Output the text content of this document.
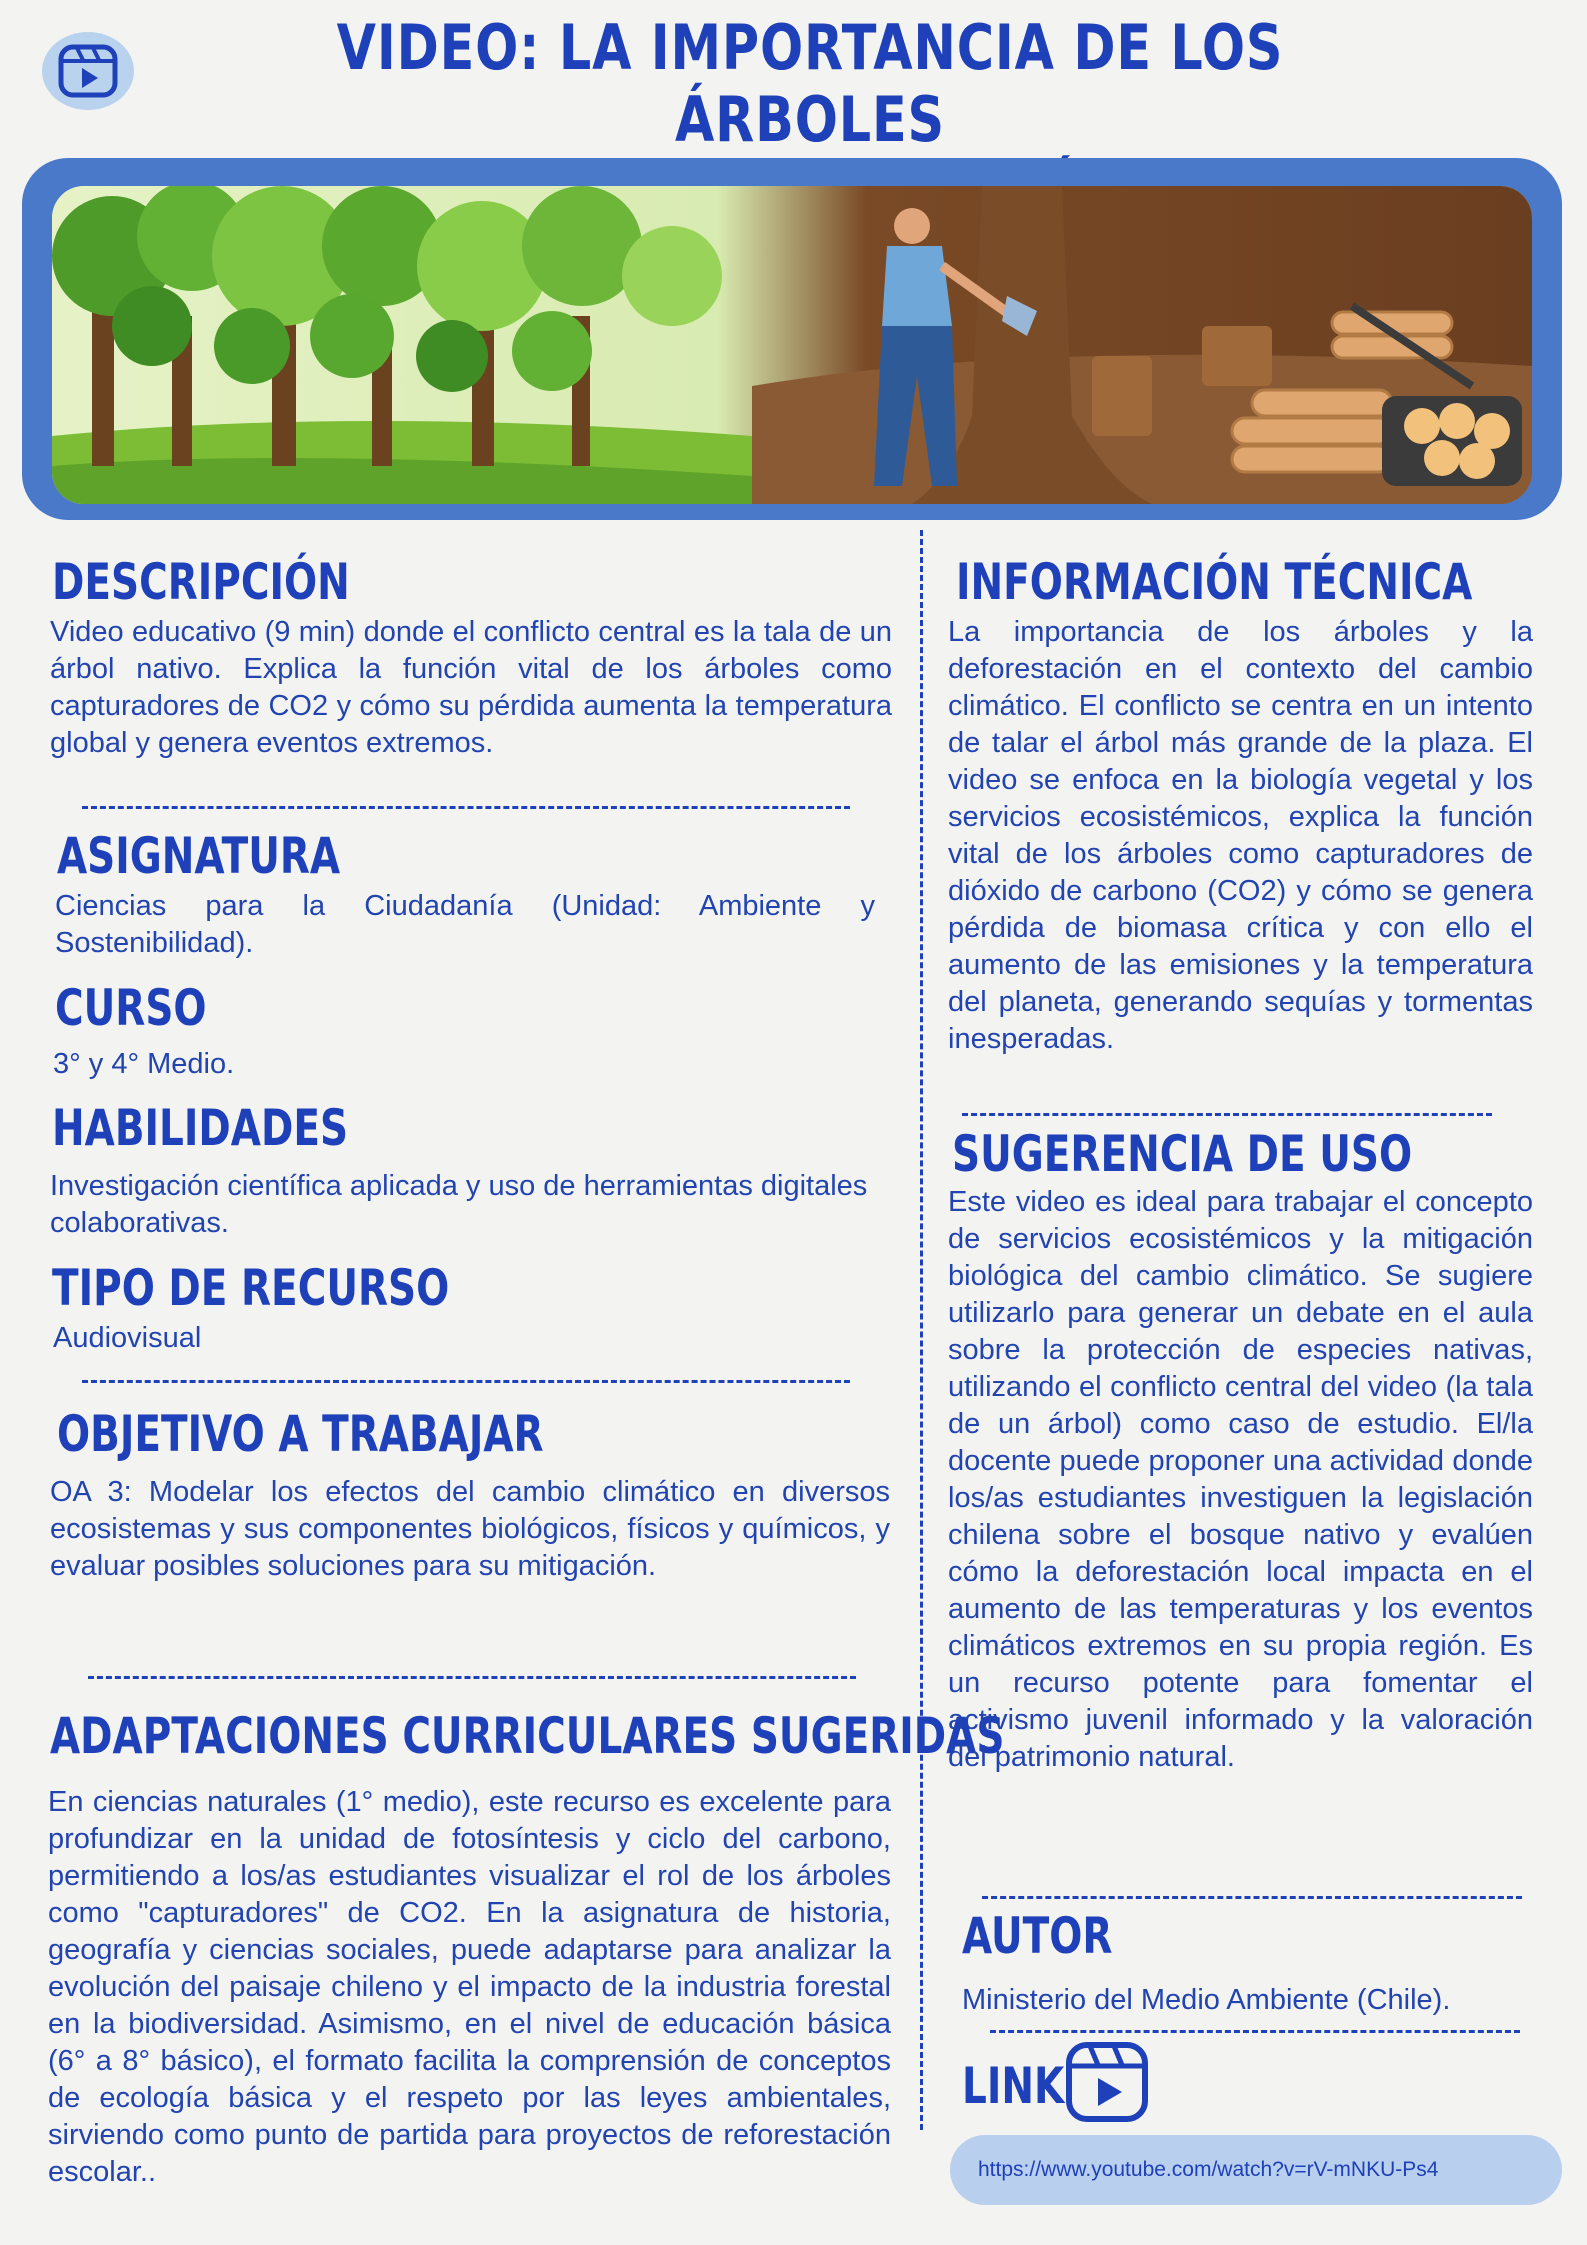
VIDEO: LA IMPORTANCIA DE LOS ÁRBOLES
DESCRIPCIÓN
Video educativo (9 min) donde el conflicto central es la tala de un árbol nativo. Explica la función vital de los árboles como capturadores de CO2 y cómo su pérdida aumenta la temperatura global y genera eventos extremos.
ASIGNATURA
Ciencias para la Ciudadanía (Unidad: Ambiente y Sostenibilidad).
CURSO
3° y 4° Medio.
HABILIDADES
Investigación científica aplicada y uso de herramientas digitales colaborativas.
TIPO DE RECURSO
Audiovisual
OBJETIVO A TRABAJAR
OA 3: Modelar los efectos del cambio climático en diversos ecosistemas y sus componentes biológicos, físicos y químicos, y evaluar posibles soluciones para su mitigación.
ADAPTACIONES CURRICULARES SUGERIDAS
En ciencias naturales (1° medio), este recurso es excelente para profundizar en la unidad de fotosíntesis y ciclo del carbono, permitiendo a los/as estudiantes visualizar el rol de los árboles como "capturadores" de CO2. En la asignatura de historia, geografía y ciencias sociales, puede adaptarse para analizar la evolución del paisaje chileno y el impacto de la industria forestal en la biodiversidad. Asimismo, en el nivel de educación básica (6° a 8° básico), el formato facilita la comprensión de conceptos de ecología básica y el respeto por las leyes ambientales, sirviendo como punto de partida para proyectos de reforestación escolar..
INFORMACIÓN TÉCNICA
La importancia de los árboles y la deforestación en el contexto del cambio climático. El conflicto se centra en un intento de talar el árbol más grande de la plaza. El video se enfoca en la biología vegetal y los servicios ecosistémicos, explica la función vital de los árboles como capturadores de dióxido de carbono (CO2) y cómo se genera pérdida de biomasa crítica y con ello el aumento de las emisiones y la temperatura del planeta, generando sequías y tormentas inesperadas.
SUGERENCIA DE USO
Este video es ideal para trabajar el concepto de servicios ecosistémicos y la mitigación biológica del cambio climático. Se sugiere utilizarlo para generar un debate en el aula sobre la protección de especies nativas, utilizando el conflicto central del video (la tala de un árbol) como caso de estudio. El/la docente puede proponer una actividad donde los/as estudiantes investiguen la legislación chilena sobre el bosque nativo y evalúen cómo la deforestación local impacta en el aumento de las temperaturas y los eventos climáticos extremos en su propia región. Es un recurso potente para fomentar el activismo juvenil informado y la valoración del patrimonio natural.
AUTOR
Ministerio del Medio Ambiente (Chile).
LINK
https://www.youtube.com/watch?v=rV-mNKU-Ps4
